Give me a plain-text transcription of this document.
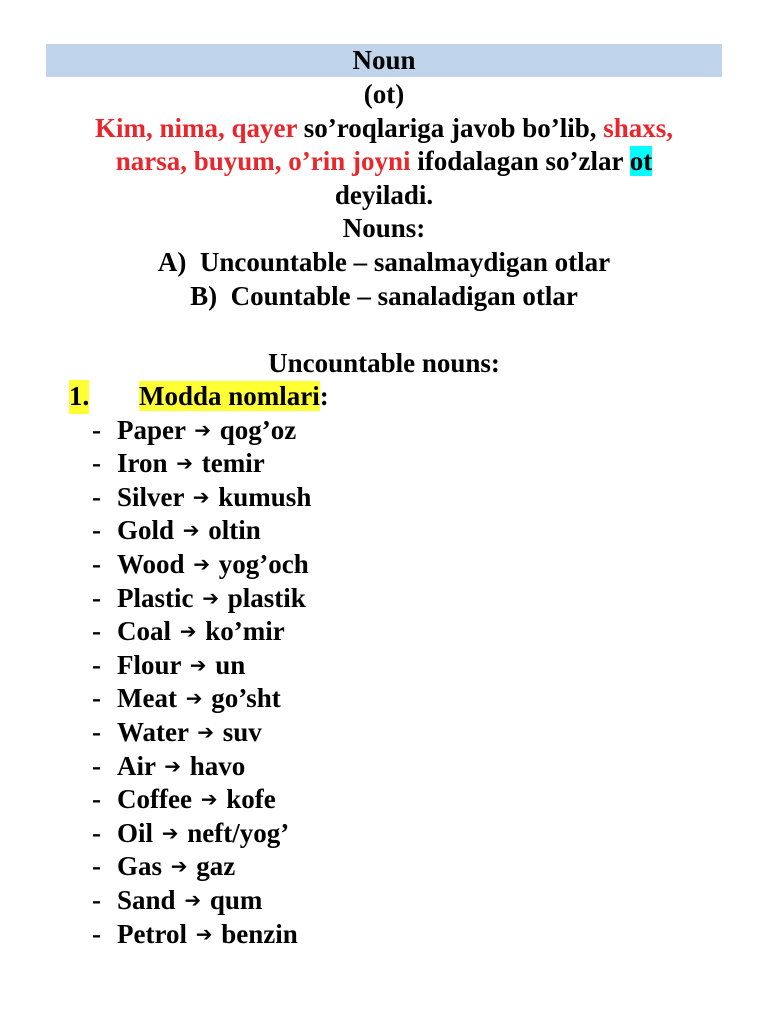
Noun
(ot)
Kim, nima, qayer so’roqlariga javob bo’lib, shaxs,
narsa, buyum, o’rin joyni ifodalagan so’zlar ot
deyiladi.
Nouns:
A) Uncountable – sanalmaydigan otlar
B) Countable – sanaladigan otlar
Uncountable nouns:
1. Modda nomlari:
- Paper ➔ qog’oz
- Iron ➔ temir
- Silver ➔ kumush
- Gold ➔ oltin
- Wood ➔ yog’och
- Plastic ➔ plastik
- Coal ➔ ko’mir
- Flour ➔ un
- Meat ➔ go’sht
- Water ➔ suv
- Air ➔ havo
- Coffee ➔ kofe
- Oil ➔ neft/yog’
- Gas ➔ gaz
- Sand ➔ qum
- Petrol ➔ benzin
